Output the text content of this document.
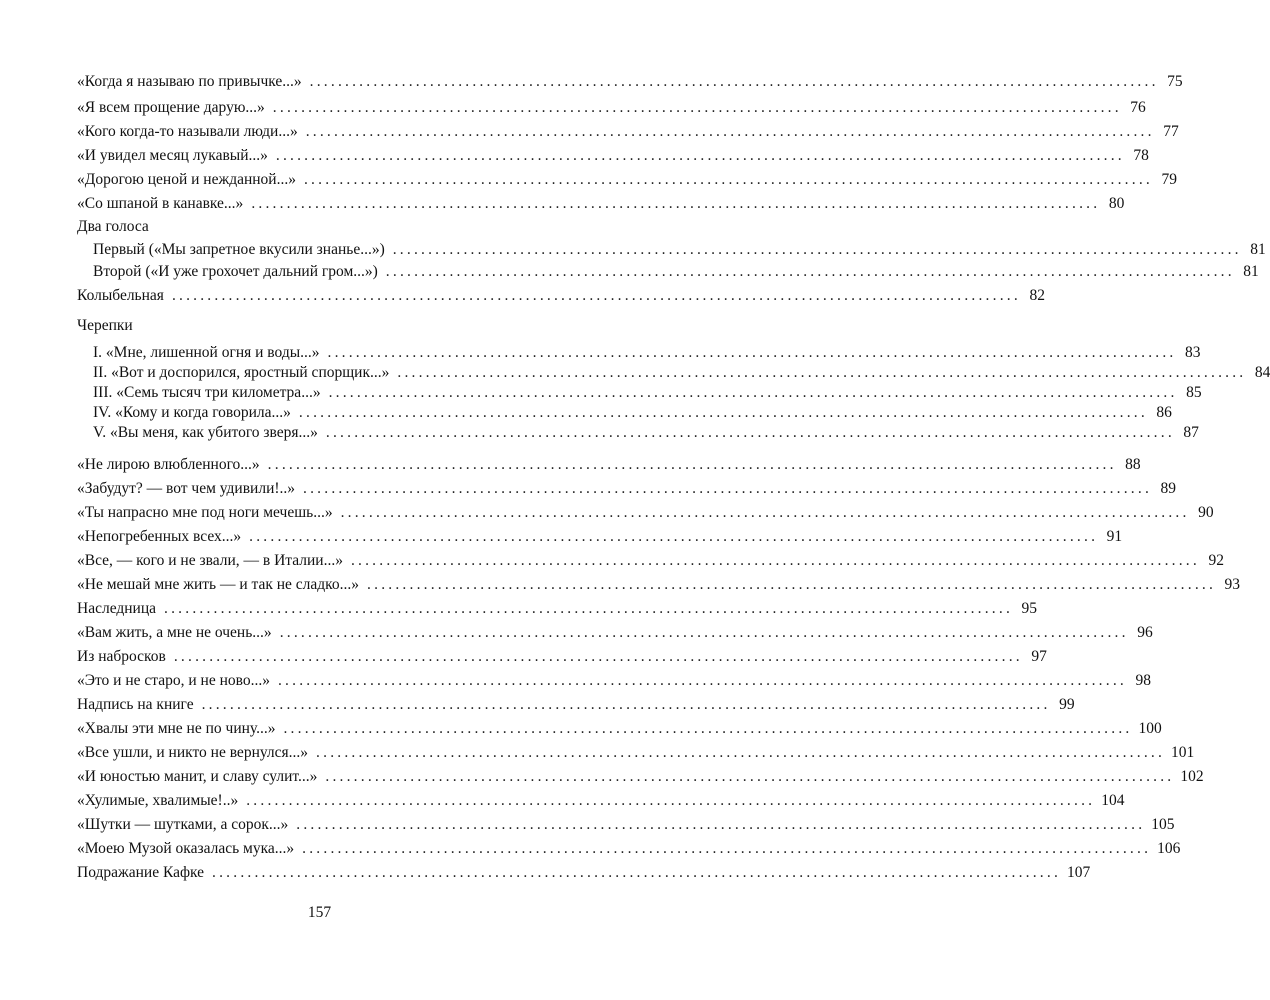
«Когда я называю по привычке...» ........................................................................................................................ 75
«Я всем прощение дарую...» ........................................................................................................................ 76
«Кого когда-то называли люди...» ........................................................................................................................ 77
«И увидел месяц лукавый...» ........................................................................................................................ 78
«Дорогою ценой и нежданной...» ........................................................................................................................ 79
«Со шпаной в канавке...» ........................................................................................................................ 80
Два голоса
Первый («Мы запретное вкусили знанье...») ........................................................................................................................ 81
Второй («И уже грохочет дальний гром...») ........................................................................................................................ 81
Колыбельная ........................................................................................................................ 82
Черепки
I. «Мне, лишенной огня и воды...» ........................................................................................................................ 83
II. «Вот и доспорился, яростный спорщик...» ........................................................................................................................ 84
III. «Семь тысяч три километра...» ........................................................................................................................ 85
IV. «Кому и когда говорила...» ........................................................................................................................ 86
V. «Вы меня, как убитого зверя...» ........................................................................................................................ 87
«Не лирою влюбленного...» ........................................................................................................................ 88
«Забудут? — вот чем удивили!..» ........................................................................................................................ 89
«Ты напрасно мне под ноги мечешь...» ........................................................................................................................ 90
«Непогребенных всех...» ........................................................................................................................ 91
«Все, — кого и не звали, — в Италии...» ........................................................................................................................ 92
«Не мешай мне жить — и так не сладко...» ........................................................................................................................ 93
Наследница ........................................................................................................................ 95
«Вам жить, а мне не очень...» ........................................................................................................................ 96
Из набросков ........................................................................................................................ 97
«Это и не старо, и не ново...» ........................................................................................................................ 98
Надпись на книге ........................................................................................................................ 99
«Хвалы эти мне не по чину...» ........................................................................................................................ 100
«Все ушли, и никто не вернулся...» ........................................................................................................................ 101
«И юностью манит, и славу сулит...» ........................................................................................................................ 102
«Хулимые, хвалимые!..» ........................................................................................................................ 104
«Шутки — шутками, а сорок...» ........................................................................................................................ 105
«Моею Музой оказалась мука...» ........................................................................................................................ 106
Подражание Кафке ........................................................................................................................ 107
157
